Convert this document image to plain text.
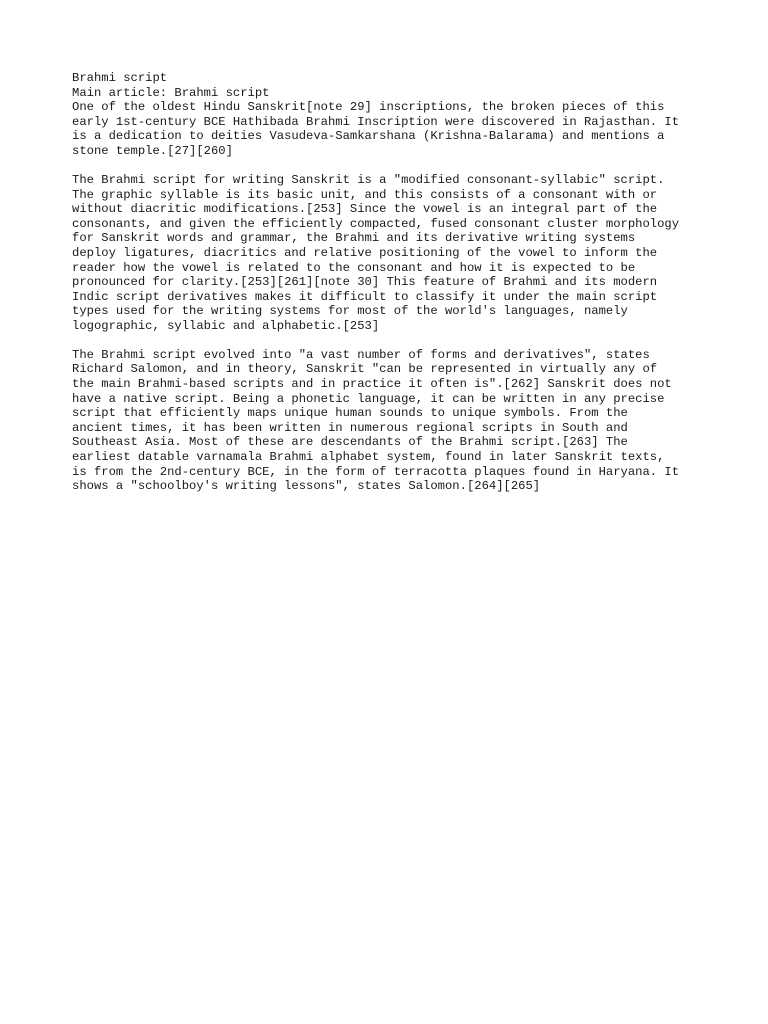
Brahmi script
Main article: Brahmi script
One of the oldest Hindu Sanskrit[note 29] inscriptions, the broken pieces of this
early 1st-century BCE Hathibada Brahmi Inscription were discovered in Rajasthan. It
is a dedication to deities Vasudeva-Samkarshana (Krishna-Balarama) and mentions a
stone temple.[27][260]
The Brahmi script for writing Sanskrit is a "modified consonant-syllabic" script.
The graphic syllable is its basic unit, and this consists of a consonant with or
without diacritic modifications.[253] Since the vowel is an integral part of the
consonants, and given the efficiently compacted, fused consonant cluster morphology
for Sanskrit words and grammar, the Brahmi and its derivative writing systems
deploy ligatures, diacritics and relative positioning of the vowel to inform the
reader how the vowel is related to the consonant and how it is expected to be
pronounced for clarity.[253][261][note 30] This feature of Brahmi and its modern
Indic script derivatives makes it difficult to classify it under the main script
types used for the writing systems for most of the world's languages, namely
logographic, syllabic and alphabetic.[253]
The Brahmi script evolved into "a vast number of forms and derivatives", states
Richard Salomon, and in theory, Sanskrit "can be represented in virtually any of
the main Brahmi-based scripts and in practice it often is".[262] Sanskrit does not
have a native script. Being a phonetic language, it can be written in any precise
script that efficiently maps unique human sounds to unique symbols. From the
ancient times, it has been written in numerous regional scripts in South and
Southeast Asia. Most of these are descendants of the Brahmi script.[263] The
earliest datable varnamala Brahmi alphabet system, found in later Sanskrit texts,
is from the 2nd-century BCE, in the form of terracotta plaques found in Haryana. It
shows a "schoolboy's writing lessons", states Salomon.[264][265]
